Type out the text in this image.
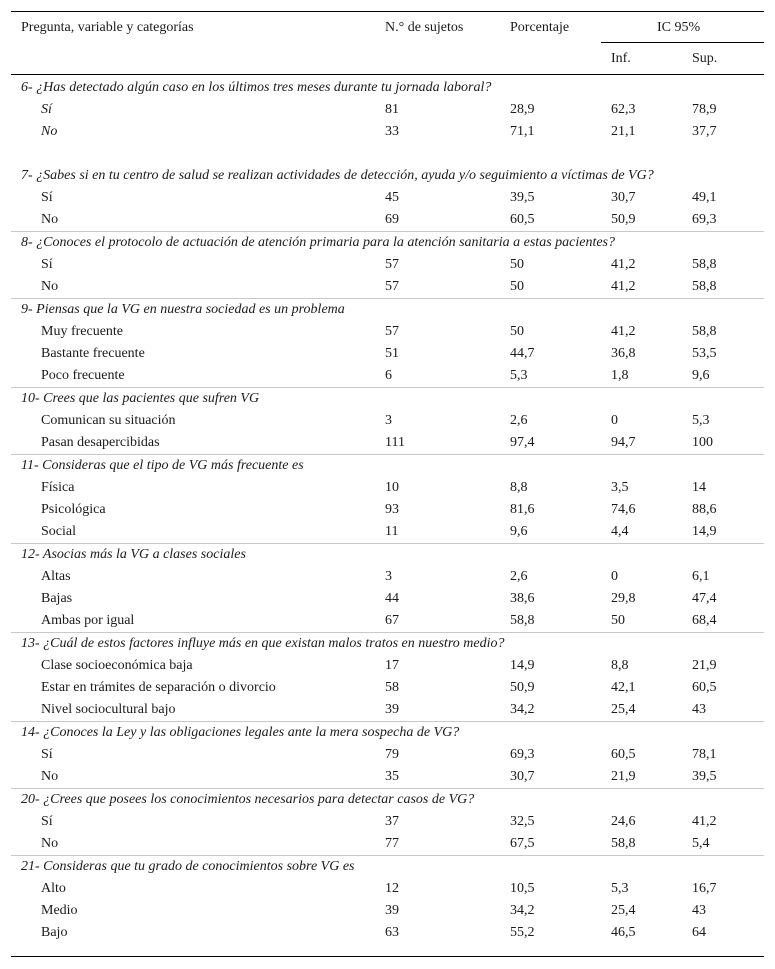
Pregunta, variable y categorías	N.° de sujetos	Porcentaje	IC 95%
Inf.	Sup.
6- ¿Has detectado algún caso en los últimos tres meses durante tu jornada laboral?
Sí	81	28,9	62,3	78,9
No	33	71,1	21,1	37,7
7- ¿Sabes si en tu centro de salud se realizan actividades de detección, ayuda y/o seguimiento a víctimas de VG?
Sí	45	39,5	30,7	49,1
No	69	60,5	50,9	69,3
8- ¿Conoces el protocolo de actuación de atención primaria para la atención sanitaria a estas pacientes?
Sí	57	50	41,2	58,8
No	57	50	41,2	58,8
9- Piensas que la VG en nuestra sociedad es un problema
Muy frecuente	57	50	41,2	58,8
Bastante frecuente	51	44,7	36,8	53,5
Poco frecuente	6	5,3	1,8	9,6
10- Crees que las pacientes que sufren VG
Comunican su situación	3	2,6	0	5,3
Pasan desapercibidas	111	97,4	94,7	100
11- Consideras que el tipo de VG más frecuente es
Física	10	8,8	3,5	14
Psicológica	93	81,6	74,6	88,6
Social	11	9,6	4,4	14,9
12- Asocias más la VG a clases sociales
Altas	3	2,6	0	6,1
Bajas	44	38,6	29,8	47,4
Ambas por igual	67	58,8	50	68,4
13- ¿Cuál de estos factores influye más en que existan malos tratos en nuestro medio?
Clase socioeconómica baja	17	14,9	8,8	21,9
Estar en trámites de separación o divorcio	58	50,9	42,1	60,5
Nivel sociocultural bajo	39	34,2	25,4	43
14- ¿Conoces la Ley y las obligaciones legales ante la mera sospecha de VG?
Sí	79	69,3	60,5	78,1
No	35	30,7	21,9	39,5
20- ¿Crees que posees los conocimientos necesarios para detectar casos de VG?
Sí	37	32,5	24,6	41,2
No	77	67,5	58,8	5,4
21- Consideras que tu grado de conocimientos sobre VG es
Alto	12	10,5	5,3	16,7
Medio	39	34,2	25,4	43
Bajo	63	55,2	46,5	64
